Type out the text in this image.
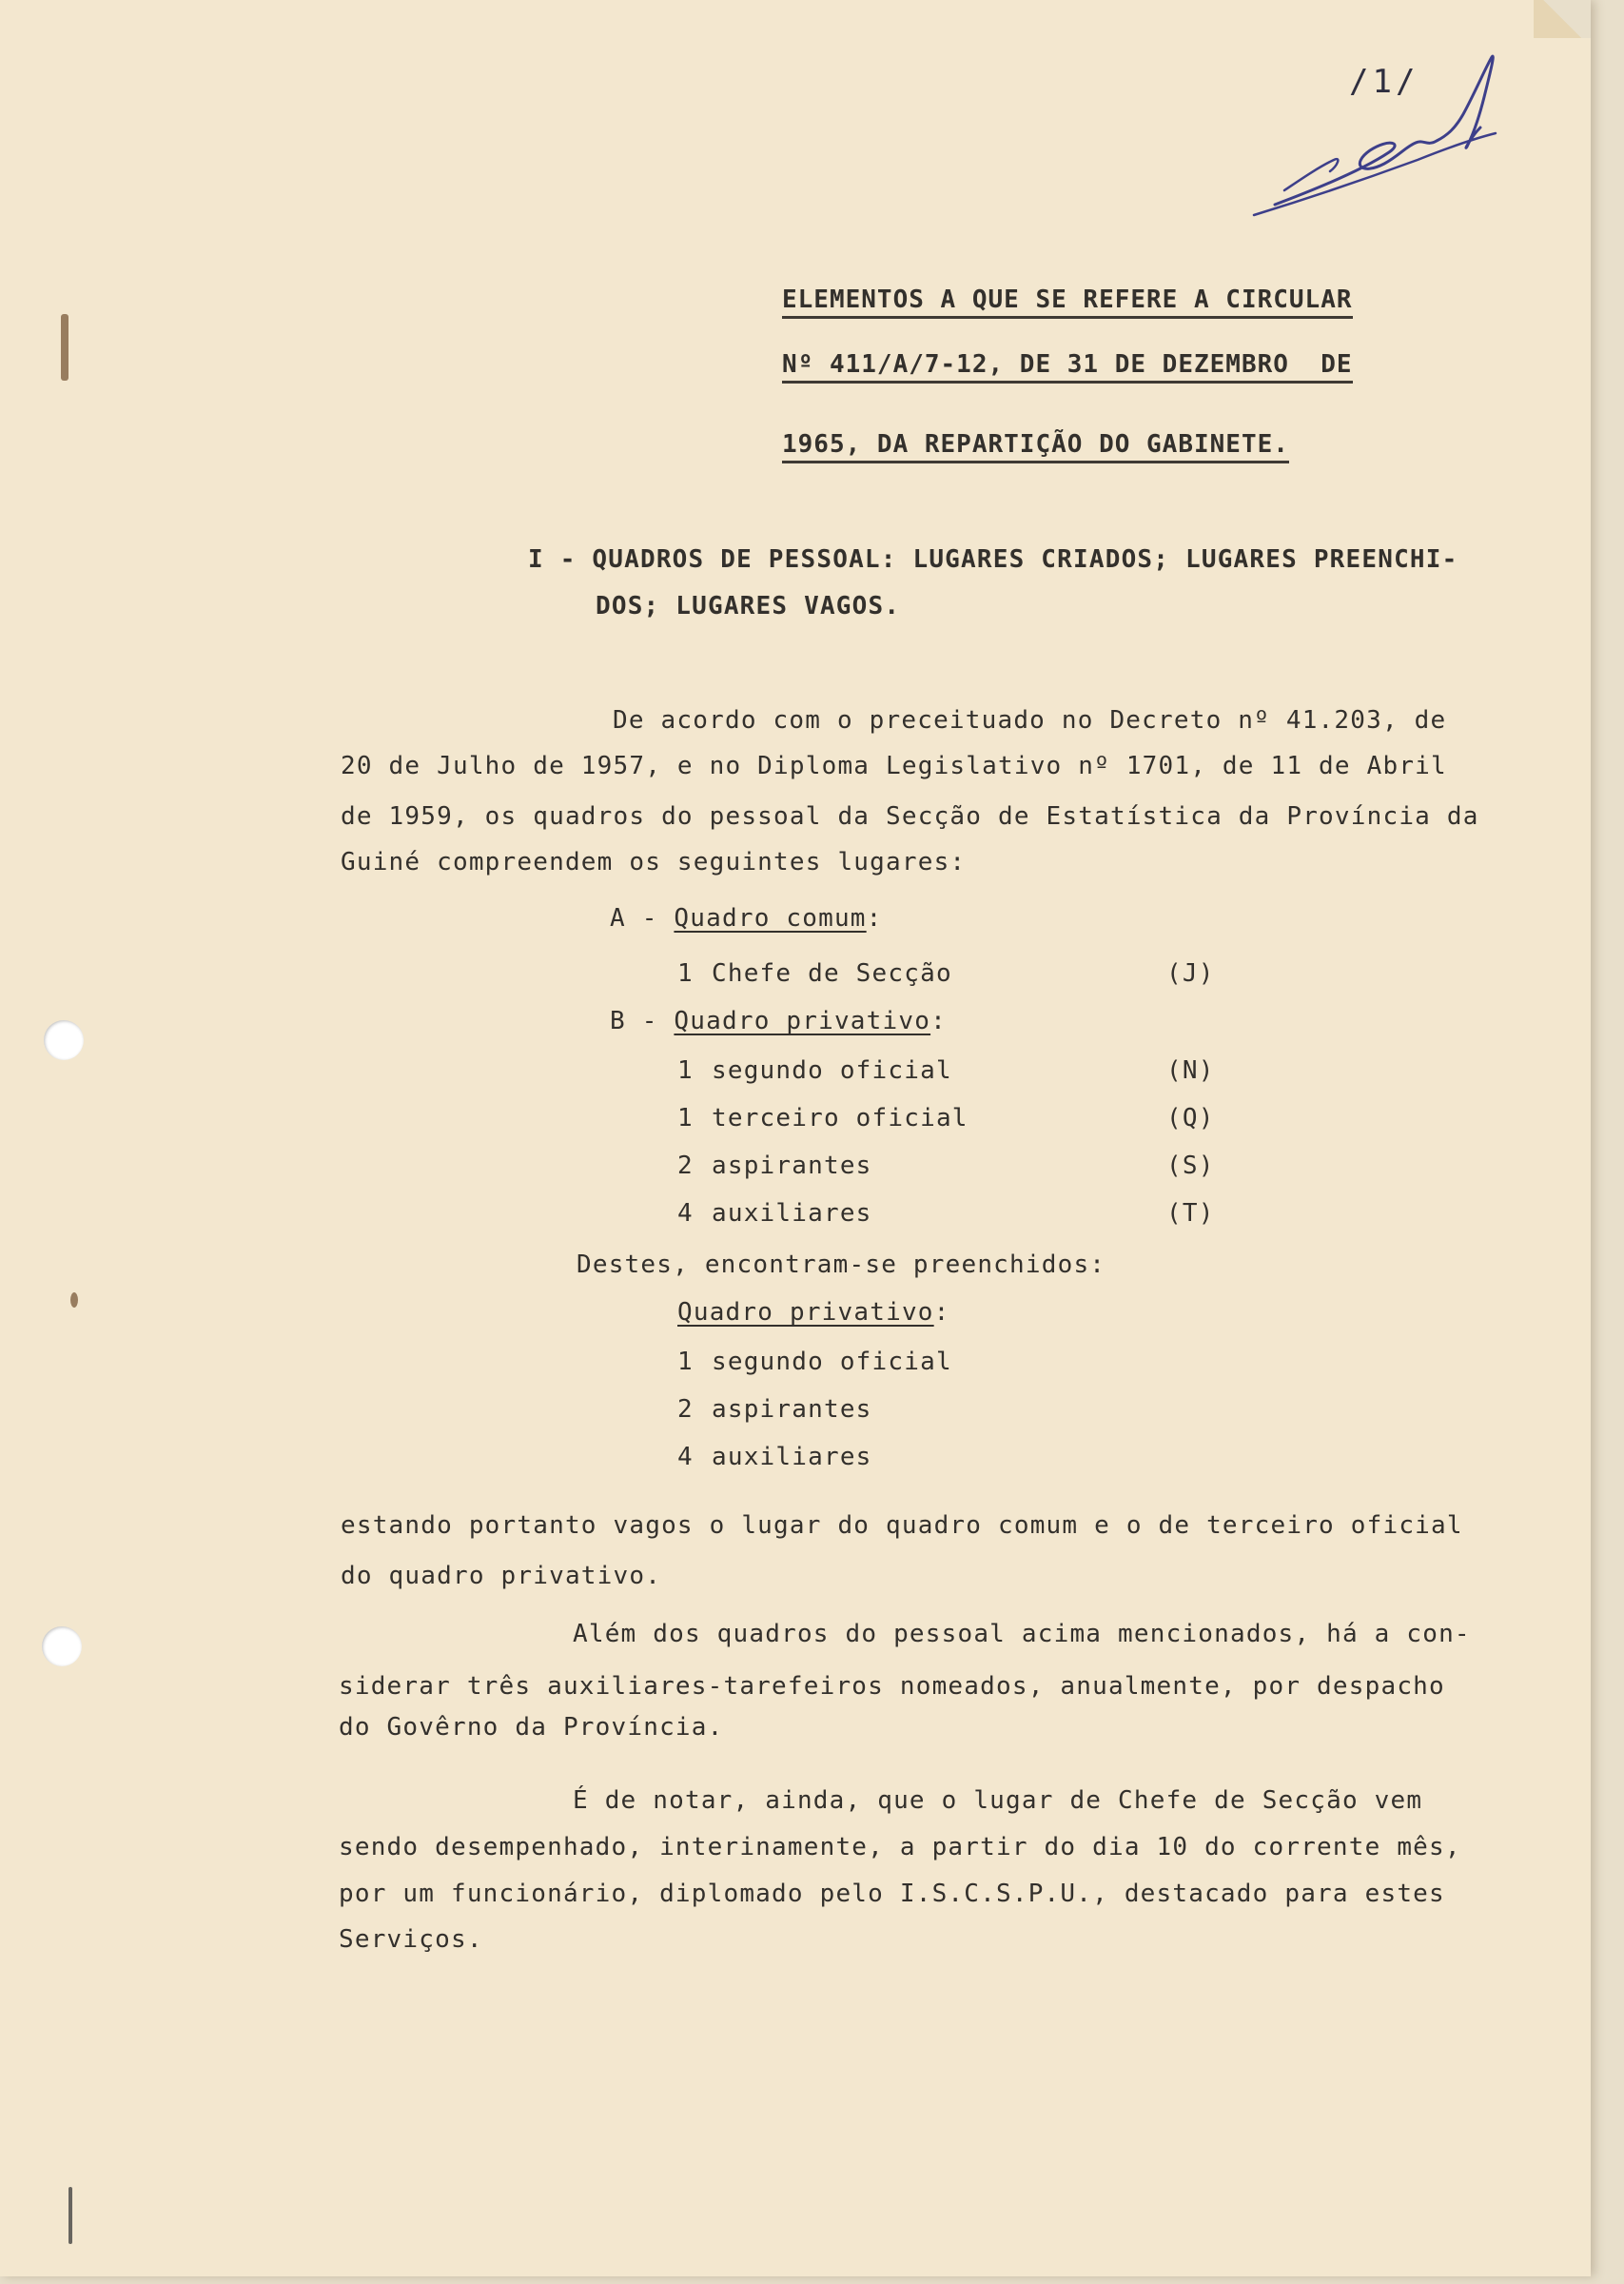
/1/
ELEMENTOS A QUE SE REFERE A CIRCULAR
Nº 411/A/7-12, DE 31 DE DEZEMBRO  DE
1965, DA REPARTIÇÃO DO GABINETE.
I - QUADROS DE PESSOAL: LUGARES CRIADOS; LUGARES PREENCHI-
DOS; LUGARES VAGOS.
De acordo com o preceituado no Decreto nº 41.203, de
20 de Julho de 1957, e no Diploma Legislativo nº 1701, de 11 de Abril
de 1959, os quadros do pessoal da Secção de Estatística da Província da
Guiné compreendem os seguintes lugares:
A - Quadro comum:
1 Chefe de Secção	(J)
B - Quadro privativo:
1 segundo oficial	(N)
1 terceiro oficial	(Q)
2 aspirantes	(S)
4 auxiliares	(T)
Destes, encontram-se preenchidos:
Quadro privativo:
1 segundo oficial
2 aspirantes
4 auxiliares
estando portanto vagos o lugar do quadro comum e o de terceiro oficial
do quadro privativo.
Além dos quadros do pessoal acima mencionados, há a con-
siderar três auxiliares-tarefeiros nomeados, anualmente, por despacho
do Govêrno da Província.
É de notar, ainda, que o lugar de Chefe de Secção vem
sendo desempenhado, interinamente, a partir do dia 10 do corrente mês,
por um funcionário, diplomado pelo I.S.C.S.P.U., destacado para estes
Serviços.
